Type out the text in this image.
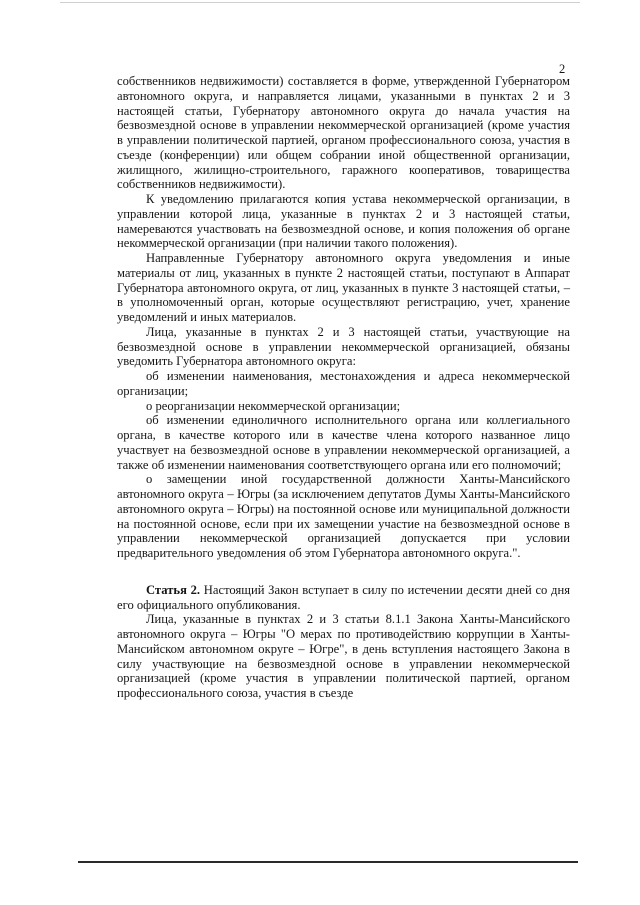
2

собственников недвижимости) составляется в форме, утвержденной Губернатором автономного округа, и направляется лицами, указанными в пунктах 2 и 3 настоящей статьи, Губернатору автономного округа до начала участия на безвозмездной основе в управлении некоммерческой организацией (кроме участия в управлении политической партией, органом профессионального союза, участия в съезде (конференции) или общем собрании иной общественной организации, жилищного, жилищно-строительного, гаражного кооперативов, товарищества собственников недвижимости).

К уведомлению прилагаются копия устава некоммерческой организации, в управлении которой лица, указанные в пунктах 2 и 3 настоящей статьи, намереваются участвовать на безвозмездной основе, и копия положения об органе некоммерческой организации (при наличии такого положения).

Направленные Губернатору автономного округа уведомления и иные материалы от лиц, указанных в пункте 2 настоящей статьи, поступают в Аппарат Губернатора автономного округа, от лиц, указанных в пункте 3 настоящей статьи, – в уполномоченный орган, которые осуществляют регистрацию, учет, хранение уведомлений и иных материалов.

Лица, указанные в пунктах 2 и 3 настоящей статьи, участвующие на безвозмездной основе в управлении некоммерческой организацией, обязаны уведомить Губернатора автономного округа:

об изменении наименования, местонахождения и адреса некоммерческой организации;

о реорганизации некоммерческой организации;

об изменении единоличного исполнительного органа или коллегиального органа, в качестве которого или в качестве члена которого названное лицо участвует на безвозмездной основе в управлении некоммерческой организацией, а также об изменении наименования соответствующего органа или его полномочий;

о замещении иной государственной должности Ханты-Мансийского автономного округа – Югры (за исключением депутатов Думы Ханты-Мансийского автономного округа – Югры) на постоянной основе или муниципальной должности на постоянной основе, если при их замещении участие на безвозмездной основе в управлении некоммерческой организацией допускается при условии предварительного уведомления об этом Губернатора автономного округа.".

Статья 2. Настоящий Закон вступает в силу по истечении десяти дней со дня его официального опубликования.

Лица, указанные в пунктах 2 и 3 статьи 8.1.1 Закона Ханты-Мансийского автономного округа – Югры "О мерах по противодействию коррупции в Ханты-Мансийском автономном округе – Югре", в день вступления настоящего Закона в силу участвующие на безвозмездной основе в управлении некоммерческой организацией (кроме участия в управлении политической партией, органом профессионального союза, участия в съезде
